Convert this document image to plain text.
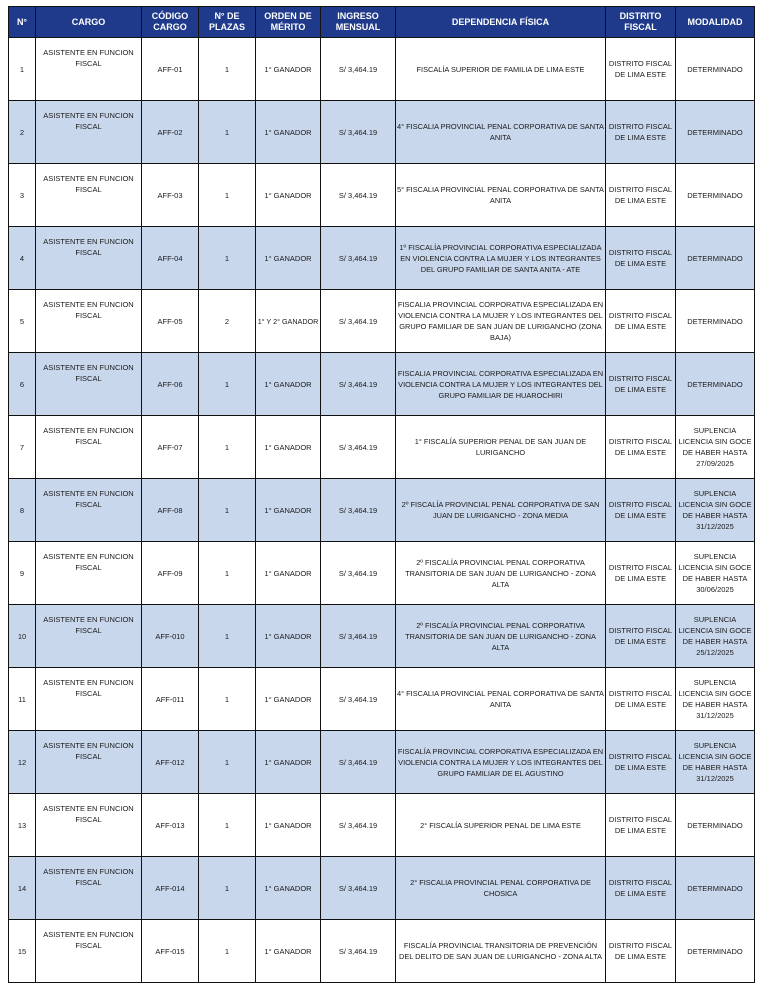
N°	CARGO	CÓDIGO CARGO	N° DE PLAZAS	ORDEN DE MÉRITO	INGRESO MENSUAL	DEPENDENCIA FÍSICA	DISTRITO FISCAL	MODALIDAD
1	ASISTENTE EN FUNCION FISCAL	AFF-01	1	1° GANADOR	S/ 3,464.19	FISCALÍA SUPERIOR DE FAMILIA DE LIMA ESTE	DISTRITO FISCAL DE LIMA ESTE	DETERMINADO
2	ASISTENTE EN FUNCION FISCAL	AFF-02	1	1° GANADOR	S/ 3,464.19	4° FISCALIA PROVINCIAL PENAL CORPORATIVA DE SANTA ANITA	DISTRITO FISCAL DE LIMA ESTE	DETERMINADO
3	ASISTENTE EN FUNCION FISCAL	AFF-03	1	1° GANADOR	S/ 3,464.19	5° FISCALIA PROVINCIAL PENAL CORPORATIVA DE SANTA ANITA	DISTRITO FISCAL DE LIMA ESTE	DETERMINADO
4	ASISTENTE EN FUNCION FISCAL	AFF-04	1	1° GANADOR	S/ 3,464.19	1º FISCALÍA PROVINCIAL CORPORATIVA ESPECIALIZADA EN VIOLENCIA CONTRA LA MUJER Y LOS INTEGRANTES DEL GRUPO FAMILIAR DE SANTA ANITA - ATE	DISTRITO FISCAL DE LIMA ESTE	DETERMINADO
5	ASISTENTE EN FUNCION FISCAL	AFF-05	2	1° Y 2° GANADOR	S/ 3,464.19	FISCALIA PROVINCIAL CORPORATIVA ESPECIALIZADA EN VIOLENCIA CONTRA LA MUJER Y LOS INTEGRANTES DEL GRUPO FAMILIAR DE SAN JUAN DE LURIGANCHO (ZONA BAJA)	DISTRITO FISCAL DE LIMA ESTE	DETERMINADO
6	ASISTENTE EN FUNCION FISCAL	AFF-06	1	1° GANADOR	S/ 3,464.19	FISCALIA PROVINCIAL CORPORATIVA ESPECIALIZADA EN VIOLENCIA CONTRA LA MUJER Y LOS INTEGRANTES DEL GRUPO FAMILIAR DE HUAROCHIRI	DISTRITO FISCAL DE LIMA ESTE	DETERMINADO
7	ASISTENTE EN FUNCION FISCAL	AFF-07	1	1° GANADOR	S/ 3,464.19	1° FISCALÍA SUPERIOR PENAL DE SAN JUAN DE LURIGANCHO	DISTRITO FISCAL DE LIMA ESTE	SUPLENCIA LICENCIA SIN GOCE DE HABER HASTA 27/09/2025
8	ASISTENTE EN FUNCION FISCAL	AFF-08	1	1° GANADOR	S/ 3,464.19	2º FISCALÍA PROVINCIAL PENAL CORPORATIVA DE SAN JUAN DE LURIGANCHO - ZONA MEDIA	DISTRITO FISCAL DE LIMA ESTE	SUPLENCIA LICENCIA SIN GOCE DE HABER HASTA 31/12/2025
9	ASISTENTE EN FUNCION FISCAL	AFF-09	1	1° GANADOR	S/ 3,464.19	2º FISCALÍA PROVINCIAL PENAL CORPORATIVA TRANSITORIA DE SAN JUAN DE LURIGANCHO - ZONA ALTA	DISTRITO FISCAL DE LIMA ESTE	SUPLENCIA LICENCIA SIN GOCE DE HABER HASTA 30/06/2025
10	ASISTENTE EN FUNCION FISCAL	AFF-010	1	1° GANADOR	S/ 3,464.19	2º FISCALÍA PROVINCIAL PENAL CORPORATIVA TRANSITORIA DE SAN JUAN DE LURIGANCHO - ZONA ALTA	DISTRITO FISCAL DE LIMA ESTE	SUPLENCIA LICENCIA SIN GOCE DE HABER HASTA 25/12/2025
11	ASISTENTE EN FUNCION FISCAL	AFF-011	1	1° GANADOR	S/ 3,464.19	4° FISCALIA PROVINCIAL PENAL CORPORATIVA DE SANTA ANITA	DISTRITO FISCAL DE LIMA ESTE	SUPLENCIA LICENCIA SIN GOCE DE HABER HASTA 31/12/2025
12	ASISTENTE EN FUNCION FISCAL	AFF-012	1	1° GANADOR	S/ 3,464.19	FISCALÍA PROVINCIAL CORPORATIVA ESPECIALIZADA EN VIOLENCIA CONTRA LA MUJER Y LOS INTEGRANTES DEL GRUPO FAMILIAR DE EL AGUSTINO	DISTRITO FISCAL DE LIMA ESTE	SUPLENCIA LICENCIA SIN GOCE DE HABER HASTA 31/12/2025
13	ASISTENTE EN FUNCION FISCAL	AFF-013	1	1° GANADOR	S/ 3,464.19	2° FISCALÍA SUPERIOR PENAL DE LIMA ESTE	DISTRITO FISCAL DE LIMA ESTE	DETERMINADO
14	ASISTENTE EN FUNCION FISCAL	AFF-014	1	1° GANADOR	S/ 3,464.19	2° FISCALIA PROVINCIAL PENAL CORPORATIVA DE CHOSICA	DISTRITO FISCAL DE LIMA ESTE	DETERMINADO
15	ASISTENTE EN FUNCION FISCAL	AFF-015	1	1° GANADOR	S/ 3,464.19	FISCALÍA PROVINCIAL TRANSITORIA DE PREVENCIÓN DEL DELITO DE SAN JUAN DE LURIGANCHO - ZONA ALTA	DISTRITO FISCAL DE LIMA ESTE	DETERMINADO
